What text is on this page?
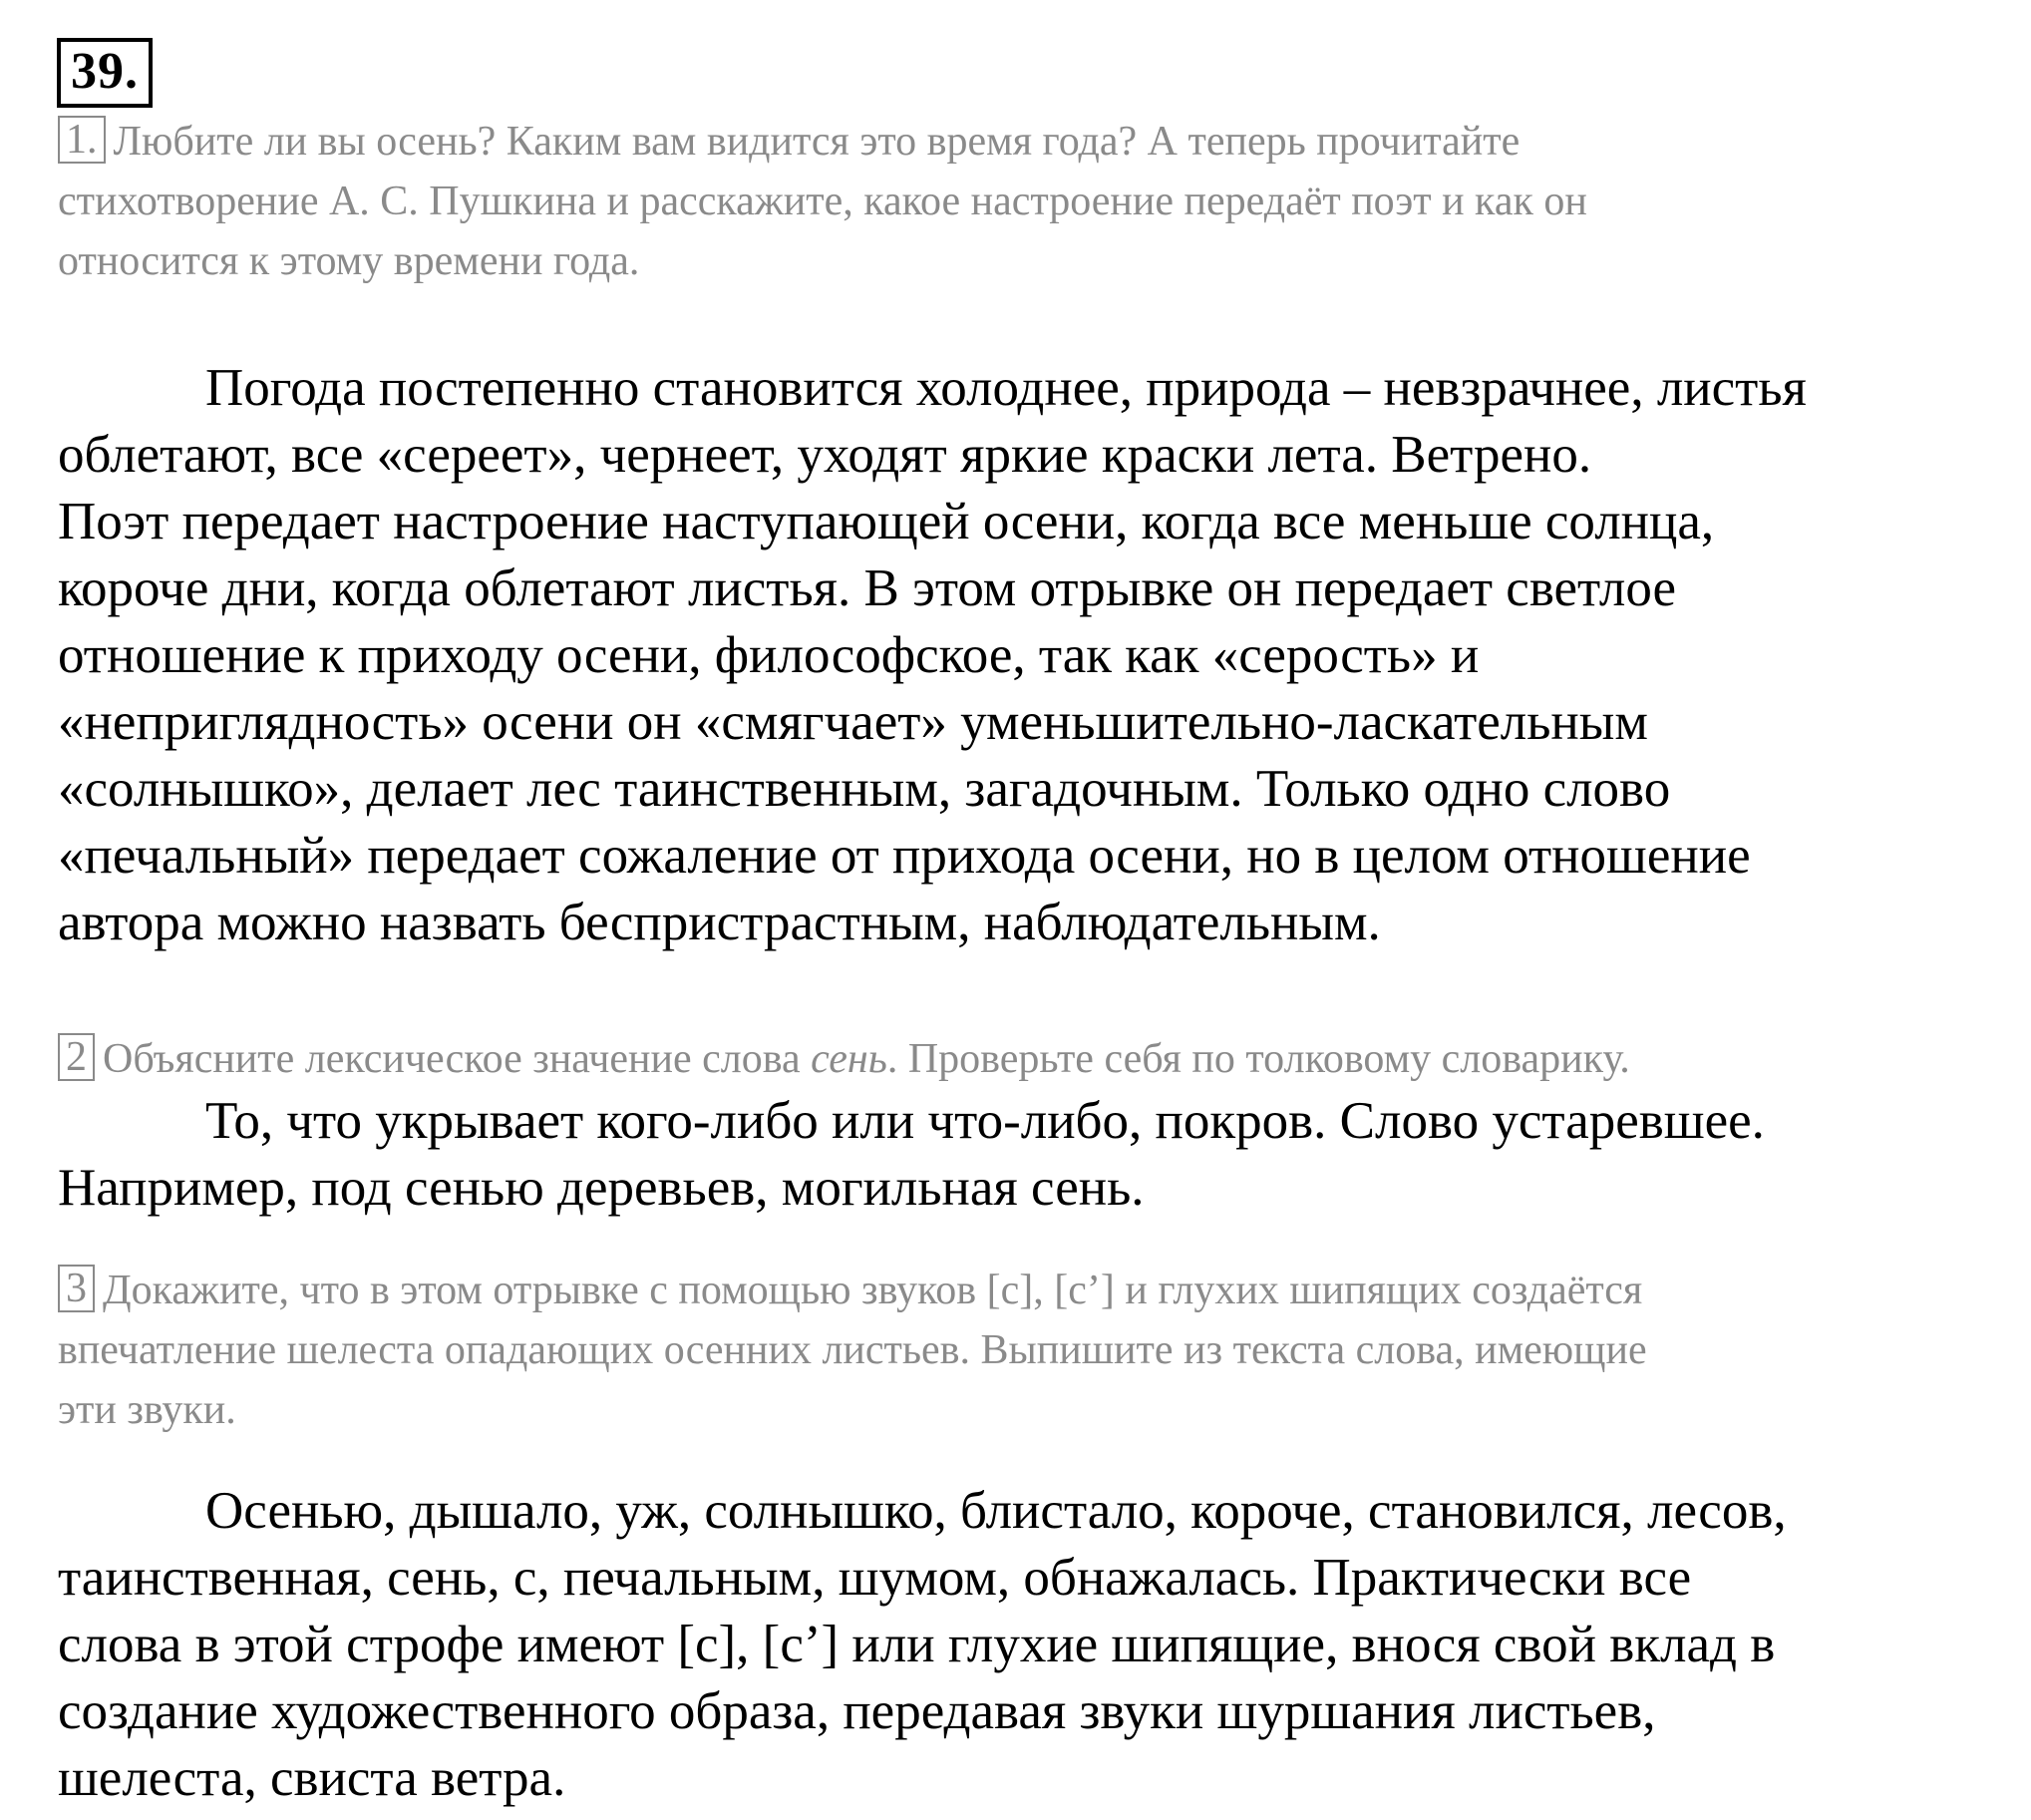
39.
1. Любите ли вы осень? Каким вам видится это время года? А теперь прочитайте
стихотворение А. С. Пушкина и расскажите, какое настроение передаёт поэт и как он
относится к этому времени года.
Погода постепенно становится холоднее, природа – невзрачнее, листья
облетают, все «сереет», чернеет, уходят яркие краски лета. Ветрено.
Поэт передает настроение наступающей осени, когда все меньше солнца,
короче дни, когда облетают листья. В этом отрывке он передает светлое
отношение к приходу осени, философское, так как «серость» и
«неприглядность» осени он «смягчает» уменьшительно-ласкательным
«солнышко», делает лес таинственным, загадочным. Только одно слово
«печальный» передает сожаление от прихода осени, но в целом отношение
автора можно назвать беспристрастным, наблюдательным.
2 Объясните лексическое значение слова сень. Проверьте себя по толковому словарику.
То, что укрывает кого-либо или что-либо, покров. Слово устаревшее.
Например, под сенью деревьев, могильная сень.
3 Докажите, что в этом отрывке с помощью звуков [с], [с’] и глухих шипящих создаётся
впечатление шелеста опадающих осенних листьев. Выпишите из текста слова, имеющие
эти звуки.
Осенью, дышало, уж, солнышко, блистало, короче, становился, лесов,
таинственная, сень, с, печальным, шумом, обнажалась. Практически все
слова в этой строфе имеют [с], [с’] или глухие шипящие, внося свой вклад в
создание художественного образа, передавая звуки шуршания листьев,
шелеста, свиста ветра.
